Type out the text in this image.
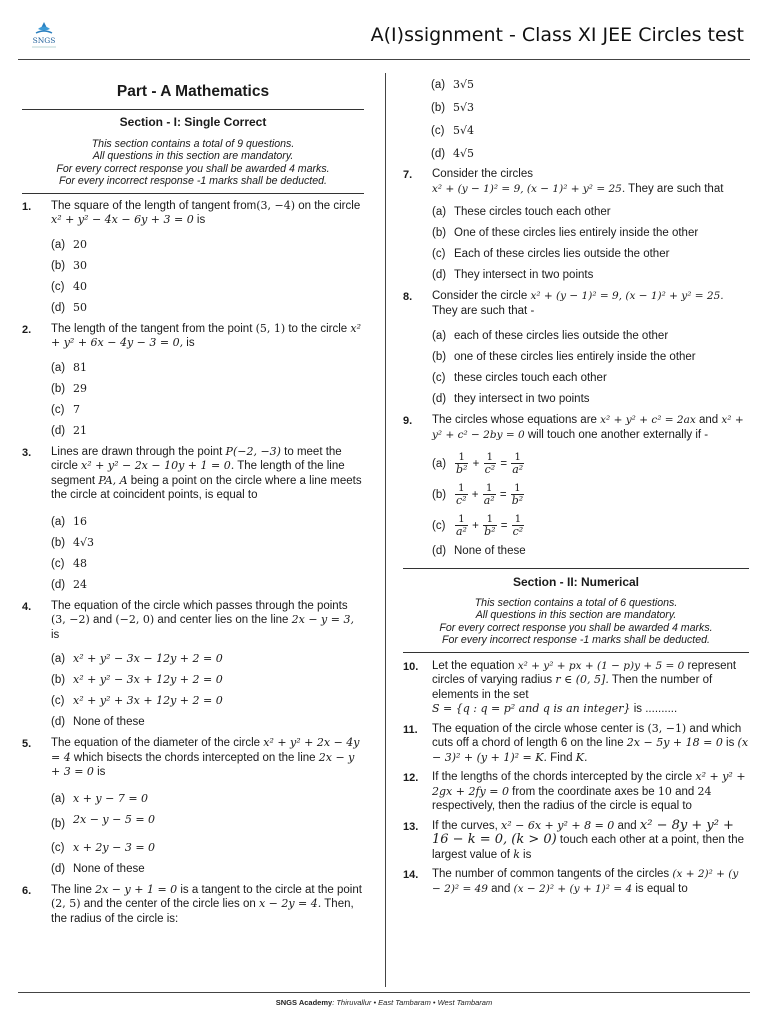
SNGS	A(I)ssignment - Class XI JEE Circles test
Part - A Mathematics
Section - I: Single Correct
This section contains a total of 9 questions.
All questions in this section are mandatory.
For every correct response you shall be awarded 4 marks.
For every incorrect response -1 marks shall be deducted.
1. The square of the length of tangent from(3, −4) on the circle x² + y² − 4x − 6y + 3 = 0 is
(a) 20
(b) 30
(c) 40
(d) 50
2. The length of the tangent from the point (5, 1) to the circle x² + y² + 6x − 4y − 3 = 0, is
(a) 81
(b) 29
(c) 7
(d) 21
3. Lines are drawn through the point P(−2, −3) to meet the circle x² + y² − 2x − 10y + 1 = 0. The length of the line segment PA, A being a point on the circle where a line meets the circle at coincident points, is equal to
(a) 16
(b) 4√3
(c) 48
(d) 24
4. The equation of the circle which passes through the points (3, −2) and (−2, 0) and center lies on the line 2x − y = 3, is
(a) x² + y² − 3x − 12y + 2 = 0
(b) x² + y² − 3x + 12y + 2 = 0
(c) x² + y² + 3x + 12y + 2 = 0
(d) None of these
5. The equation of the diameter of the circle x² + y² + 2x − 4y = 4 which bisects the chords intercepted on the line 2x − y + 3 = 0 is
(a) x + y − 7 = 0
(b) 2x − y − 5 = 0
(c) x + 2y − 3 = 0
(d) None of these
6. The line 2x − y + 1 = 0 is a tangent to the circle at the point (2, 5) and the center of the circle lies on x − 2y = 4. Then, the radius of the circle is:
(a) 3√5
(b) 5√3
(c) 5√4
(d) 4√5
7. Consider the circles
x² + (y − 1)² = 9, (x − 1)² + y² = 25. They are such that
(a) These circles touch each other
(b) One of these circles lies entirely inside the other
(c) Each of these circles lies outside the other
(d) They intersect in two points
8. Consider the circle x² + (y − 1)² = 9, (x − 1)² + y² = 25. They are such that -
(a) each of these circles lies outside the other
(b) one of these circles lies entirely inside the other
(c) these circles touch each other
(d) they intersect in two points
9. The circles whose equations are x² + y² + c² = 2ax and x² + y² + c² − 2by = 0 will touch one another externally if -
$(a) \frac{1}{\text{b²}} + \frac{1}{\text{c²}} = \frac{1}{\text{a²}}$
$(b) \frac{1}{\text{c²}} + \frac{1}{\text{a²}} = \frac{1}{\text{b²}}$
$(c) \frac{1}{\text{a²}} + \frac{1}{\text{b²}} = \frac{1}{\text{c²}}$
(d) None of these
Section - II: Numerical
This section contains a total of 6 questions.
All questions in this section are mandatory.
For every correct response you shall be awarded 4 marks.
For every incorrect response -1 marks shall be deducted.
10. Let the equation x² + y² + px + (1 − p)y + 5 = 0 represent circles of varying radius r ∈ (0, 5]. Then the number of elements in the set
S = {q : q = p² and q is an integer} is ..........
11. The equation of the circle whose center is (3, −1) and which cuts off a chord of length 6 on the line 2x − 5y + 18 = 0 is (x − 3)² + (y + 1)² = K. Find K.
12. If the lengths of the chords intercepted by the circle x² + y² + 2gx + 2fy = 0 from the coordinate axes be 10 and 24 respectively, then the radius of the circle is equal to
13. If the curves, x² − 6x + y² + 8 = 0 and x² − 8y + y² + 16 − k = 0, (k > 0) touch each other at a point, then the largest value of k is
14. The number of common tangents of the circles (x + 2)² + (y − 2)² = 49 and (x − 2)² + (y + 1)² = 4 is equal to
SNGS Academy: Thiruvallur • East Tambaram • West Tambaram
